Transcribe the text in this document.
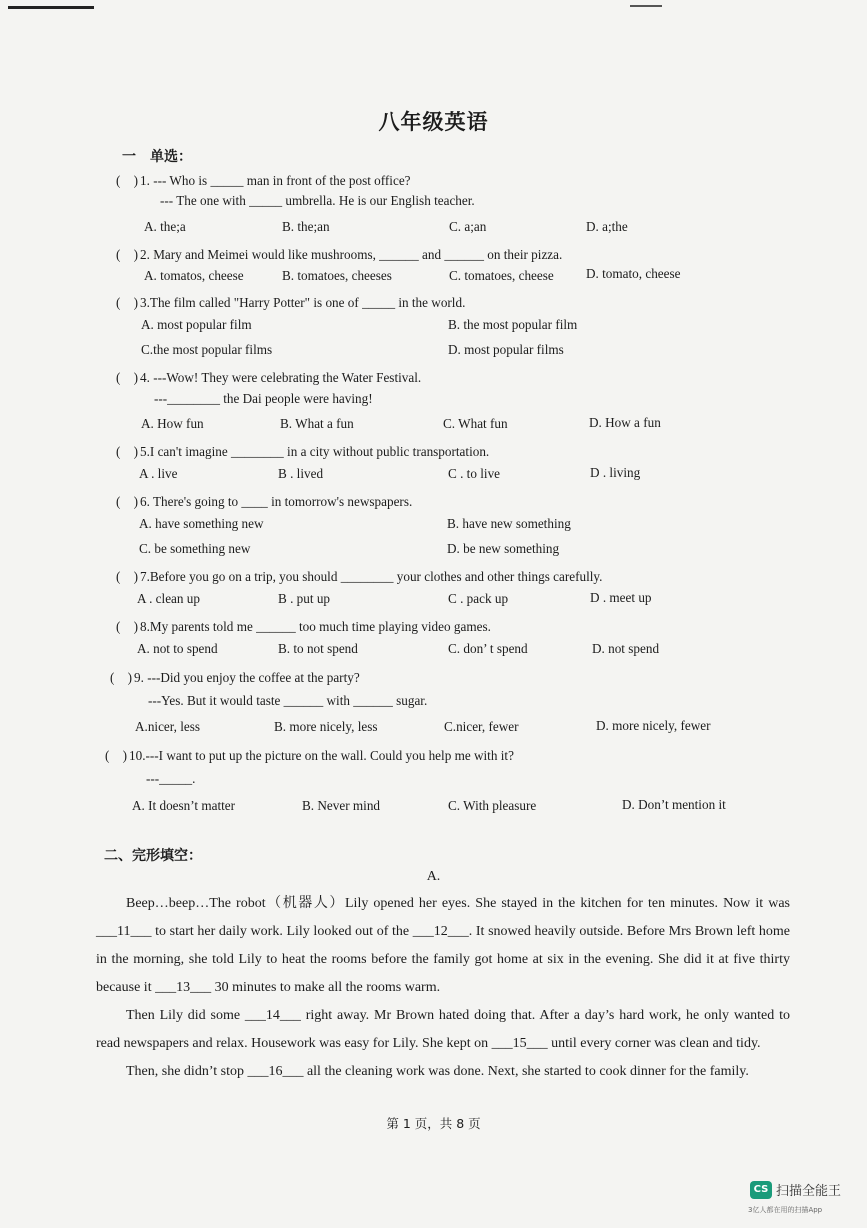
八年级英语
一　单选：
(　) 1. --- Who is _____ man in front of the post office?
--- The one with _____ umbrella. He is our English teacher.
A. the;a	B. the;an	C. a;an	D. a;the
(　) 2. Mary and Meimei would like mushrooms, ______ and ______ on their pizza.
A. tomatos, cheese	B. tomatoes, cheeses	C. tomatoes, cheese D. tomato, cheese
(　) 3.The film called "Harry Potter" is one of _____ in the world.
A. most popular film	B. the most popular film
C.the most popular films	D. most popular films
(　) 4. ---Wow! They were celebrating the Water Festival.
---________ the Dai people were having!
A. How fun	B. What a fun	C. What fun	D. How a fun
(　) 5.I can't imagine ________ in a city without public transportation.
A . live	B . lived	C . to live	D . living
(　) 6. There's going to ____ in tomorrow's newspapers.
A. have something new	B. have new something
C. be something new	D. be new something
(　) 7.Before you go on a trip, you should ________ your clothes and other things carefully.
A . clean up	B . put up	C . pack up	D . meet up
(　) 8.My parents told me ______ too much time playing video games.
A. not to spend	B. to not spend	C. don’ t spend	D. not spend
(　) 9. ---Did you enjoy the coffee at the party?
---Yes. But it would taste ______ with ______ sugar.
A.nicer, less	B. more nicely, less	C.nicer, fewer	D. more nicely, fewer
(　) 10.---I want to put up the picture on the wall. Could you help me with it?
---_____.
A. It doesn’t matter	B. Never mind	C. With pleasure	D. Don’t mention it
二、完形填空：
A.

Beep…beep…The robot（机器人）Lily opened her eyes. She stayed in the kitchen for ten minutes. Now it was ___11___ to start her daily work. Lily looked out of the ___12___. It snowed heavily outside. Before Mrs Brown left home in the morning, she told Lily to heat the rooms before the family got home at six in the evening. She did it at five thirty because it ___13___ 30 minutes to make all the rooms warm.

Then Lily did some ___14___ right away. Mr Brown hated doing that. After a day’s hard work, he only wanted to read newspapers and relax. Housework was easy for Lily. She kept on ___15___ until every corner was clean and tidy.

Then, she didn’t stop ___16___ all the cleaning work was done. Next, she started to cook dinner for the family.

第 1 页，共 8 页
CS 扫描全能王
3亿人都在用的扫描App
